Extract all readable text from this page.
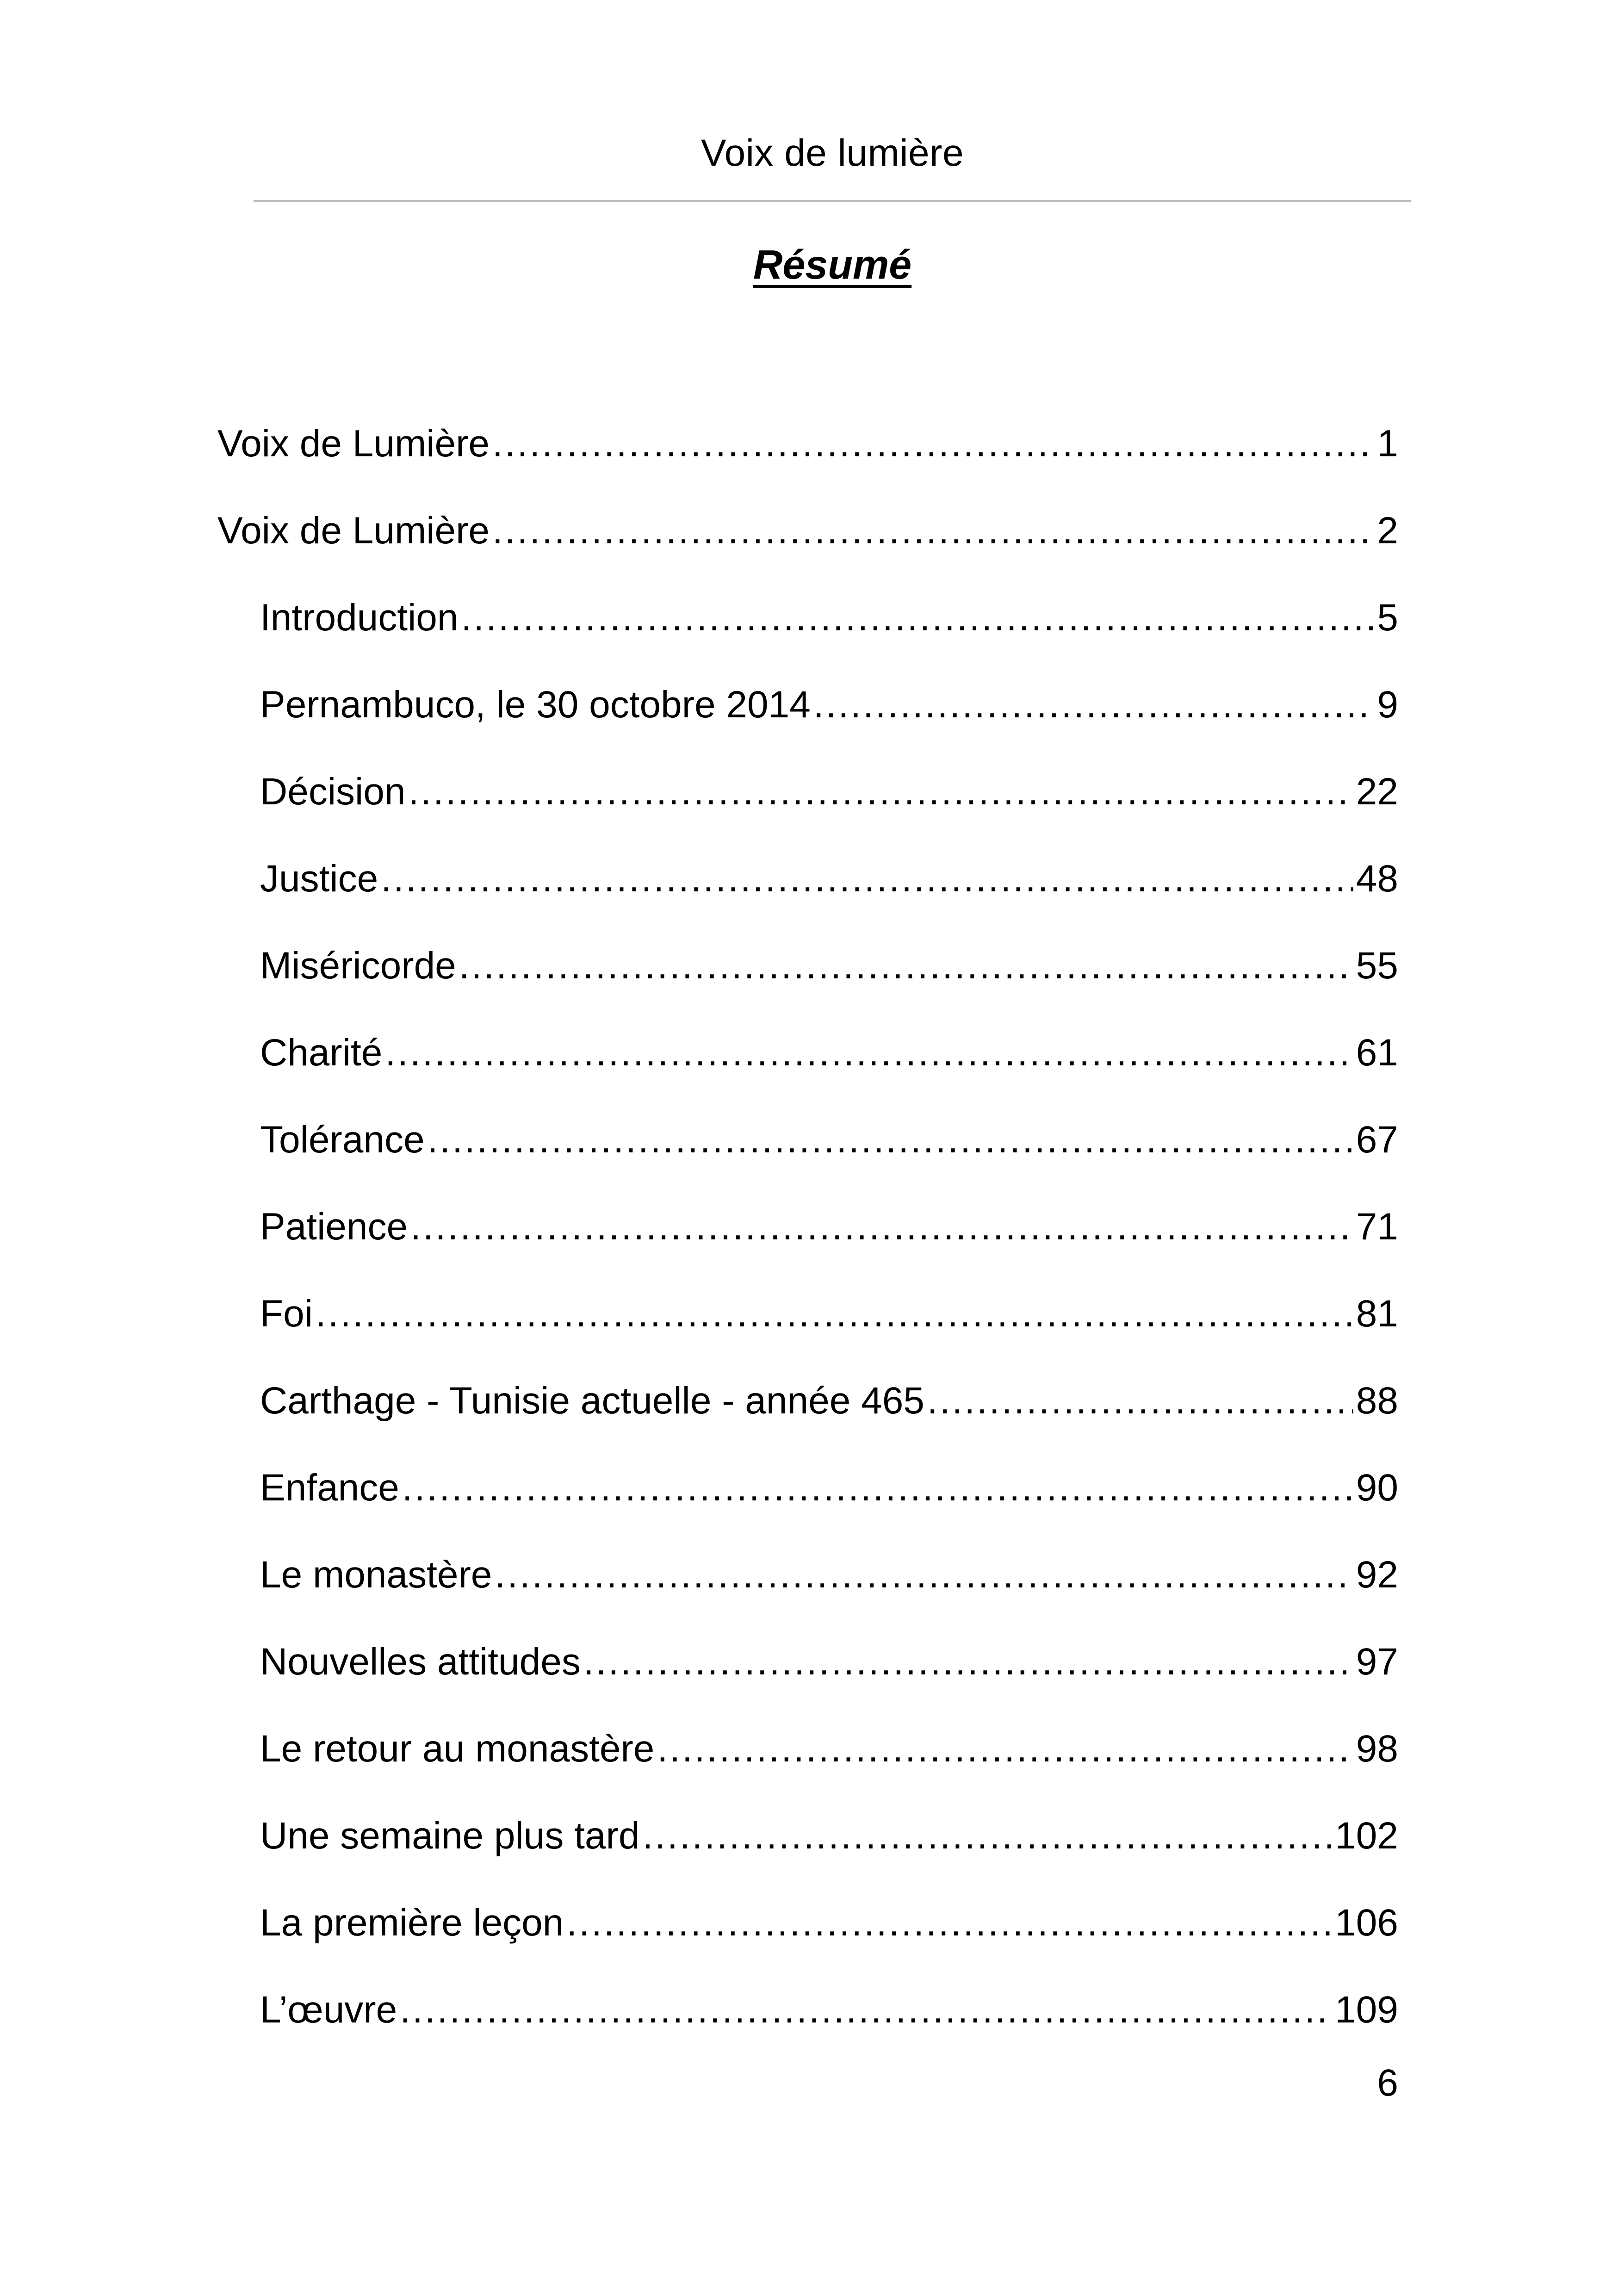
Voix de lumière
Résumé
Voix de Lumière .....	1
Voix de Lumière .....	2
Introduction .....	5
Pernambuco, le 30 octobre 2014 .....	9
Décision .....	22
Justice .....	48
Miséricorde .....	55
Charité .....	61
Tolérance .....	67
Patience .....	71
Foi .....	81
Carthage - Tunisie actuelle - année 465 .....	88
Enfance .....	90
Le monastère .....	92
Nouvelles attitudes .....	97
Le retour au monastère .....	98
Une semaine plus tard .....	102
La première leçon .....	106
L’œuvre .....	109
6
